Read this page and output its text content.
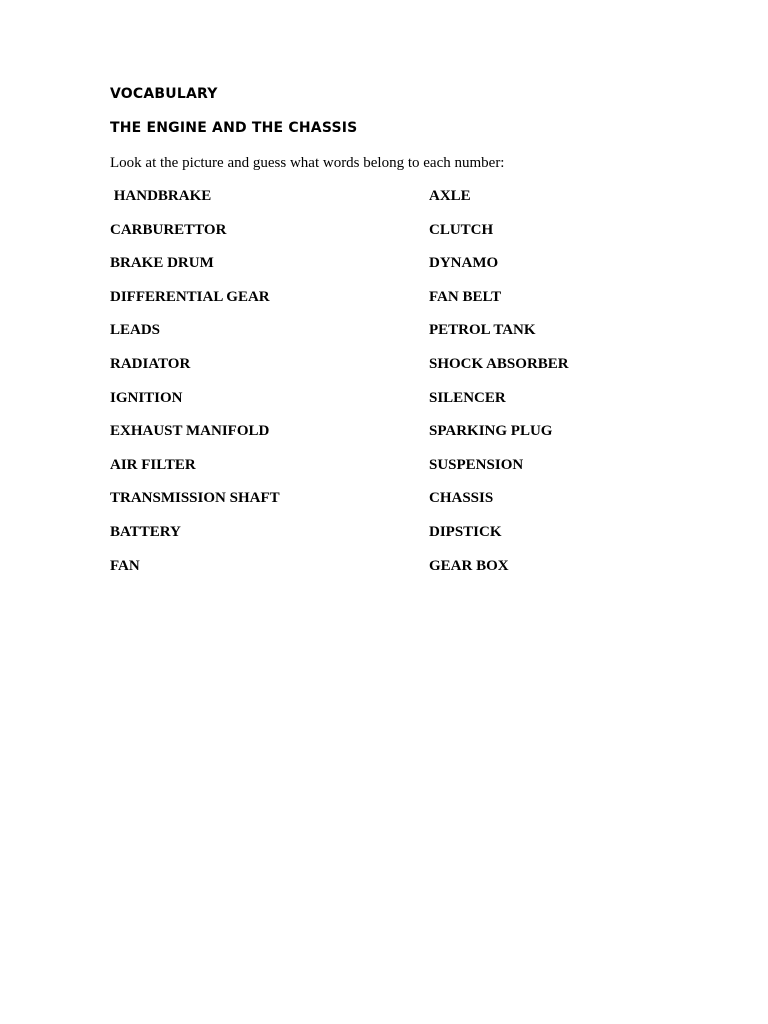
VOCABULARY
THE ENGINE AND THE CHASSIS
Look at the picture and guess what words belong to each number:
HANDBRAKE	AXLE
CARBURETTOR	CLUTCH
BRAKE DRUM	DYNAMO
DIFFERENTIAL GEAR	FAN BELT
LEADS	PETROL TANK
RADIATOR	SHOCK ABSORBER
IGNITION	SILENCER
EXHAUST MANIFOLD	SPARKING PLUG
AIR FILTER	SUSPENSION
TRANSMISSION SHAFT	CHASSIS
BATTERY	DIPSTICK
FAN	GEAR BOX
